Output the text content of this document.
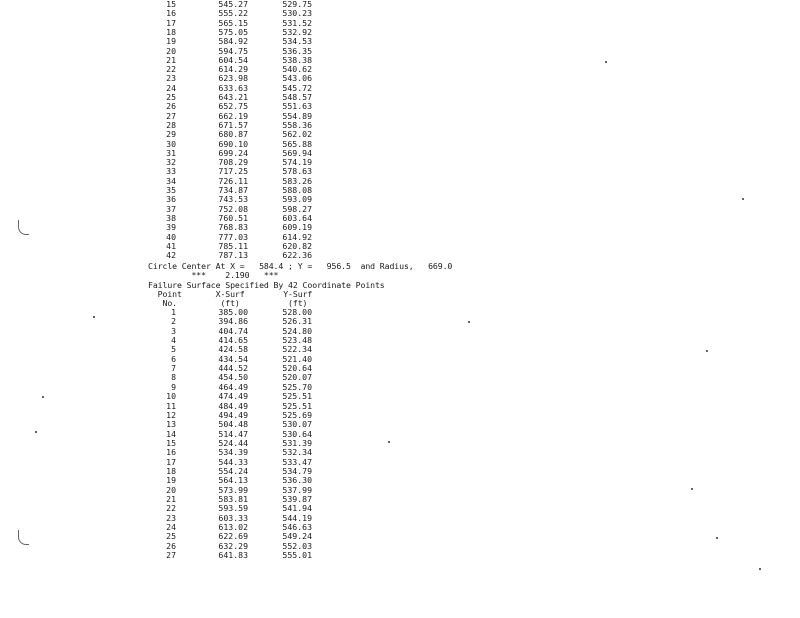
15	545.27	529.75
16	555.22	530.23
17	565.15	531.52
18	575.05	532.92
19	584.92	534.53
20	594.75	536.35
21	604.54	538.38
22	614.29	540.62
23	623.98	543.06
24	633.63	545.72
25	643.21	548.57
26	652.75	551.63
27	662.19	554.89
28	671.57	558.36
29	680.87	562.02
30	690.10	565.88
31	699.24	569.94
32	708.29	574.19
33	717.25	578.63
34	726.11	583.26
35	734.87	588.08
36	743.53	593.09
37	752.08	598.27
38	760.51	603.64
39	768.83	609.19
40	777.03	614.92
41	785.11	620.82
42	787.13	622.36
Circle Center At X =   584.4 ; Y =   956.5  and Radius,   669.0
***    2.190   ***
Failure Surface Specified By 42 Coordinate Points
Point       X-Surf        Y-Surf
No.         (ft)          (ft)
1	385.00	528.00
2	394.86	526.31
3	404.74	524.80
4	414.65	523.48
5	424.58	522.34
6	434.54	521.40
7	444.52	520.64
8	454.50	520.07
9	464.49	525.70
10	474.49	525.51
11	484.49	525.51
12	494.49	525.69
13	504.48	530.07
14	514.47	530.64
15	524.44	531.39
16	534.39	532.34
17	544.33	533.47
18	554.24	534.79
19	564.13	536.30
20	573.99	537.99
21	583.81	539.87
22	593.59	541.94
23	603.33	544.19
24	613.02	546.63
25	622.69	549.24
26	632.29	552.03
27	641.83	555.01
